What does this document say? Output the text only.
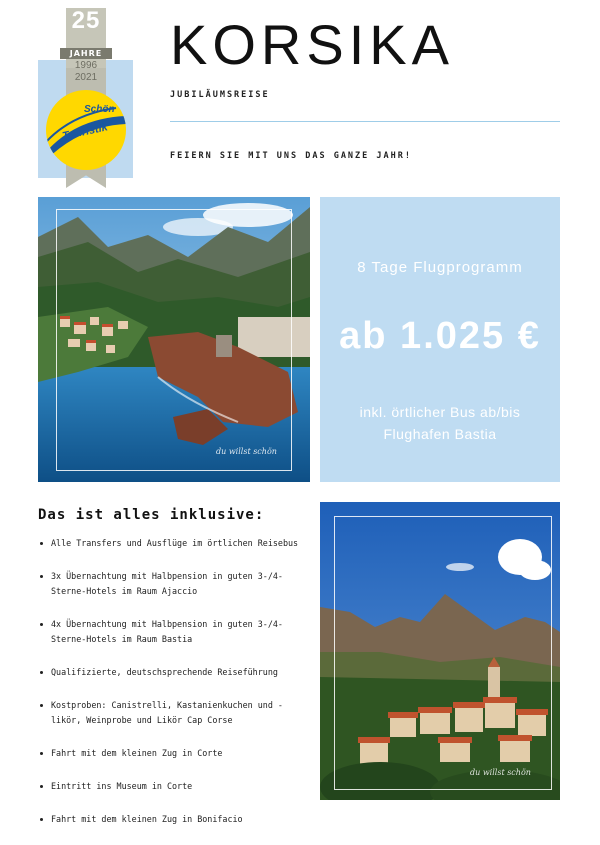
25
JAHRE
1996
2021
Schön
Touristik
KORSIKA
JUBILÄUMSREISE
FEIERN SIE MIT UNS DAS GANZE JAHR!
du willst schön
8 Tage Flugprogramm
ab 1.025 €
inkl. örtlicher Bus ab/bis Flughafen Bastia
Das ist alles inklusive:
Alle Transfers und Ausflüge im örtlichen Reisebus
3x Übernachtung mit Halbpension in guten 3-/4-Sterne-Hotels im Raum Ajaccio
4x Übernachtung mit Halbpension in guten 3-/4-Sterne-Hotels im Raum Bastia
Qualifizierte, deutschsprechende Reiseführung
Kostproben: Canistrelli, Kastanienkuchen und -likör, Weinprobe und Likör Cap Corse
Fahrt mit dem kleinen Zug in Corte
Eintritt ins Museum in Corte
Fahrt mit dem kleinen Zug in Bonifacio
du willst schön
